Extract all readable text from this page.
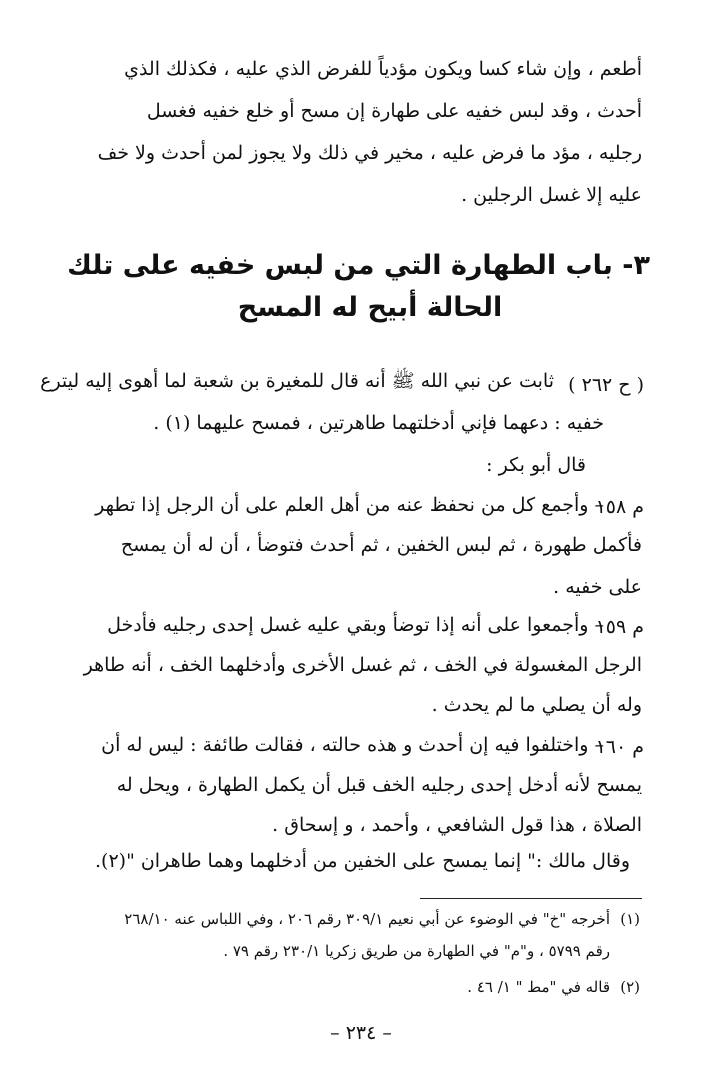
أطعم ، وإن شاء كسا ويكون مؤدياً للفرض الذي عليه ، فكذلك الذي
أحدث ، وقد لبس خفيه على طهارة إن مسح أو خلع خفيه فغسل
رجليه ، مؤد ما فرض عليه ، مخير في ذلك ولا يجوز لمن أحدث ولا خف
عليه إلا غسل الرجلين .
٣- باب الطهارة التي من لبس خفيه على تلك
الحالة أبيح له المسح
( ح ٢٦٢ )
ثابت عن نبي الله ﷺ أنه قال للمغيرة بن شعبة لما أهوى إليه ليترع
خفيه : دعهما فإني أدخلتهما طاهرتين ، فمسح عليهما (١) .
قال أبو بكر :
م ١٥٨
– وأجمع كل من نحفظ عنه من أهل العلم على أن الرجل إذا تطهر
فأكمل طهورة ، ثم لبس الخفين ، ثم أحدث فتوضأ ، أن له أن يمسح
على خفيه .
م ١٥٩
– وأجمعوا على أنه إذا توضأ وبقي عليه غسل إحدى رجليه فأدخل
الرجل المغسولة في الخف ، ثم غسل الأخرى وأدخلهما الخف ، أنه طاهر
وله أن يصلي ما لم يحدث .
م ١٦٠
– واختلفوا فيه إن أحدث و هذه حالته ، فقالت طائفة : ليس له أن
يمسح لأنه أدخل إحدى رجليه الخف قبل أن يكمل الطهارة ، ويحل له
الصلاة ، هذا قول الشافعي ، وأحمد ، و إسحاق .
وقال مالك :" إنما يمسح على الخفين من أدخلهما وهما طاهران "(٢).
(١)
أخرجه "خ" في الوضوء عن أبي نعيم ٣٠٩/١ رقم ٢٠٦ ، وفي اللباس عنه ٢٦٨/١٠
رقم ٥٧٩٩ ، و"م" في الطهارة من طريق زكريا ٢٣٠/١ رقم ٧٩ .
(٢)
قاله في "مط " ١/ ٤٦ .
– ٢٣٤ –
